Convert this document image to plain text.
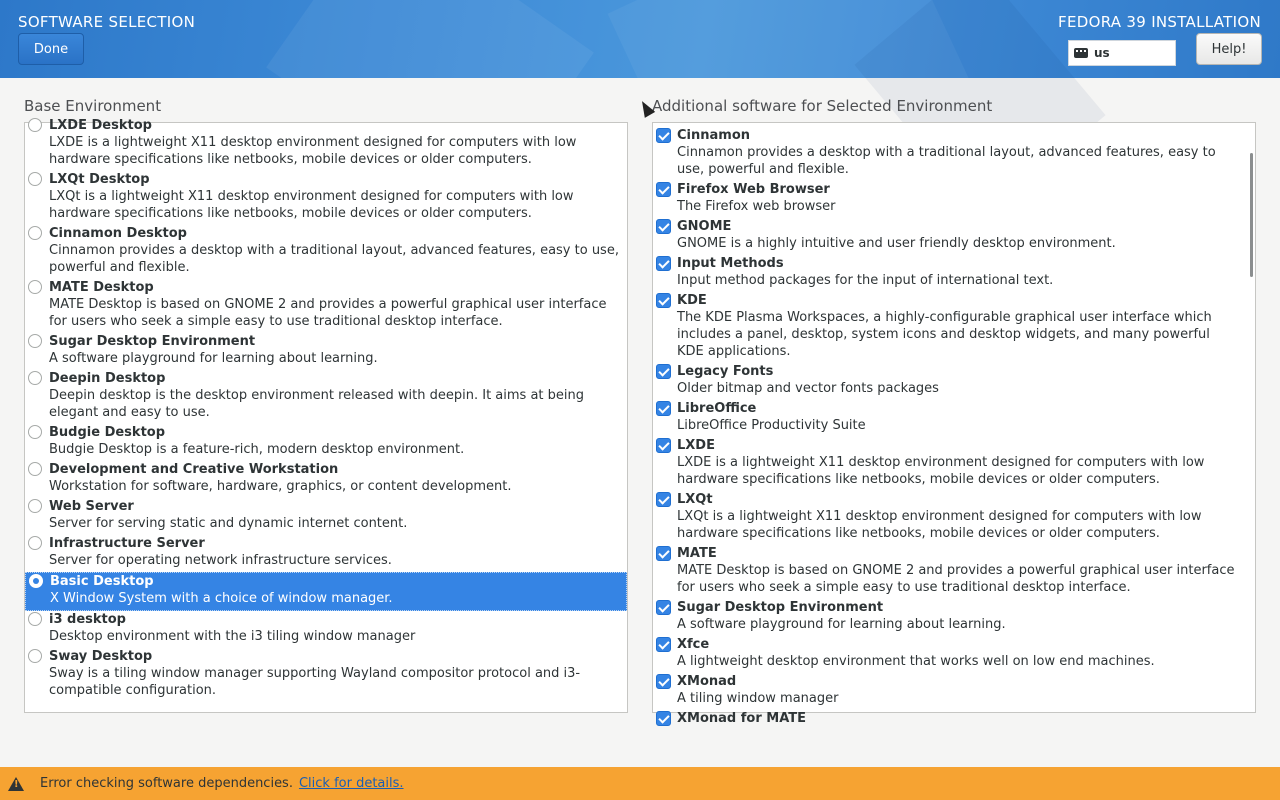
SOFTWARE SELECTION
Done
FEDORA 39 INSTALLATION
us	Help!
Base Environment	Additional software for Selected Environment
LXDE Desktop
LXDE is a lightweight X11 desktop environment designed for computers with low hardware specifications like netbooks, mobile devices or older computers.
LXQt Desktop
LXQt is a lightweight X11 desktop environment designed for computers with low hardware specifications like netbooks, mobile devices or older computers.
Cinnamon Desktop
Cinnamon provides a desktop with a traditional layout, advanced features, easy to use, powerful and flexible.
MATE Desktop
MATE Desktop is based on GNOME 2 and provides a powerful graphical user interface for users who seek a simple easy to use traditional desktop interface.
Sugar Desktop Environment
A software playground for learning about learning.
Deepin Desktop
Deepin desktop is the desktop environment released with deepin. It aims at being elegant and easy to use.
Budgie Desktop
Budgie Desktop is a feature-rich, modern desktop environment.
Development and Creative Workstation
Workstation for software, hardware, graphics, or content development.
Web Server
Server for serving static and dynamic internet content.
Infrastructure Server
Server for operating network infrastructure services.
Basic Desktop
X Window System with a choice of window manager.
i3 desktop
Desktop environment with the i3 tiling window manager
Sway Desktop
Sway is a tiling window manager supporting Wayland compositor protocol and i3-compatible configuration.
Cinnamon
Cinnamon provides a desktop with a traditional layout, advanced features, easy to use, powerful and flexible.
Firefox Web Browser
The Firefox web browser
GNOME
GNOME is a highly intuitive and user friendly desktop environment.
Input Methods
Input method packages for the input of international text.
KDE
The KDE Plasma Workspaces, a highly-configurable graphical user interface which includes a panel, desktop, system icons and desktop widgets, and many powerful KDE applications.
Legacy Fonts
Older bitmap and vector fonts packages
LibreOffice
LibreOffice Productivity Suite
LXDE
LXDE is a lightweight X11 desktop environment designed for computers with low hardware specifications like netbooks, mobile devices or older computers.
LXQt
LXQt is a lightweight X11 desktop environment designed for computers with low hardware specifications like netbooks, mobile devices or older computers.
MATE
MATE Desktop is based on GNOME 2 and provides a powerful graphical user interface for users who seek a simple easy to use traditional desktop interface.
Sugar Desktop Environment
A software playground for learning about learning.
Xfce
A lightweight desktop environment that works well on low end machines.
XMonad
A tiling window manager
XMonad for MATE
!
Error checking software dependencies. Click for details.
